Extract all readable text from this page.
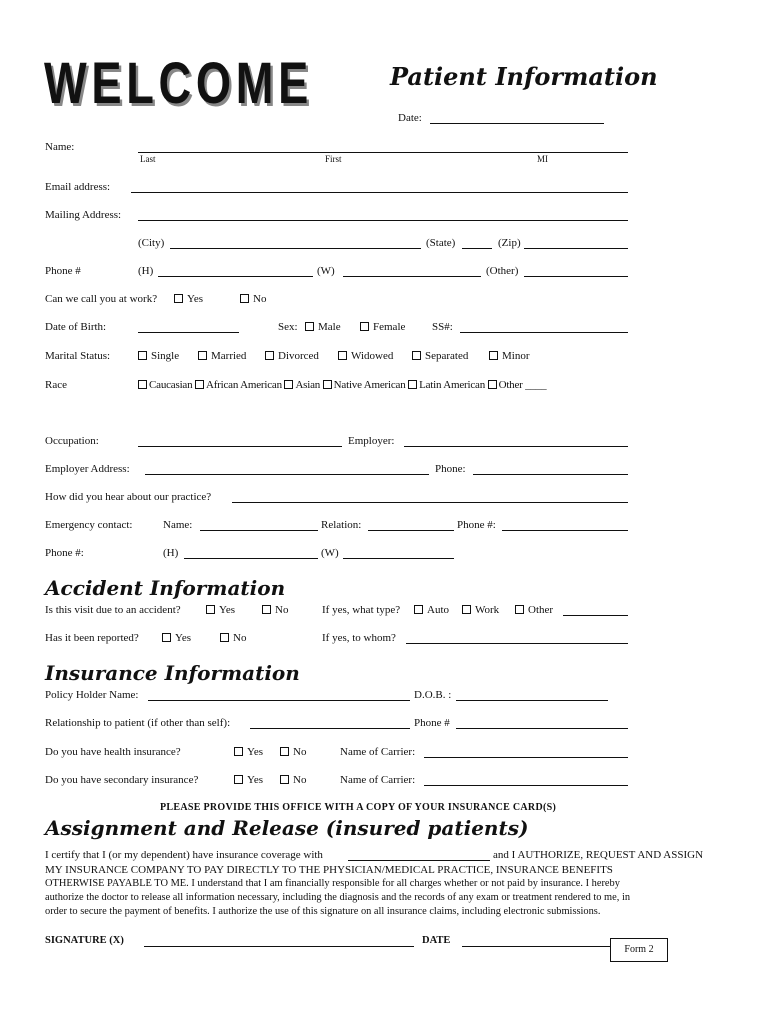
WELCOME	Patient Information
Date:
Name:
Last	First	MI
Email address:
Mailing Address:
(City)	(State)	(Zip)
Phone #	(H)	(W)	(Other)
Can we call you at work?	Yes	No
Date of Birth:	Sex:	Male	Female SS#:
Marital Status:	Single	Married	Divorced	Widowed	Separated	Minor
Race	Caucasian African American Asian Native American Latin American Other ____
Occupation:	Employer:
Employer Address:	Phone:
How did you hear about our practice?
Emergency contact:	Name:	Relation:	Phone #:
Phone #:	(H)	(W)
Accident Information
Is this visit due to an accident?	Yes	No	If yes, what type?	Auto	Work	Other
Has it been reported?	Yes	No	If yes, to whom?
Insurance Information
Policy Holder Name:	D.O.B. :
Relationship to patient (if other than self):	Phone #
Do you have health insurance?	Yes	No	Name of Carrier:
Do you have secondary insurance?	Yes	No	Name of Carrier:
PLEASE PROVIDE THIS OFFICE WITH A COPY OF YOUR INSURANCE CARD(S)
Assignment and Release (insured patients)
I certify that I (or my dependent) have insurance coverage with	and I AUTHORIZE, REQUEST AND ASSIGN
MY INSURANCE COMPANY TO PAY DIRECTLY TO THE PHYSICIAN/MEDICAL PRACTICE, INSURANCE BENEFITS
OTHERWISE PAYABLE TO ME. I understand that I am financially responsible for all charges whether or not paid by insurance. I hereby
authorize the doctor to release all information necessary, including the diagnosis and the records of any exam or treatment rendered to me, in
order to secure the payment of benefits. I authorize the use of this signature on all insurance claims, including electronic submissions.
SIGNATURE (X)	DATE
Form 2
